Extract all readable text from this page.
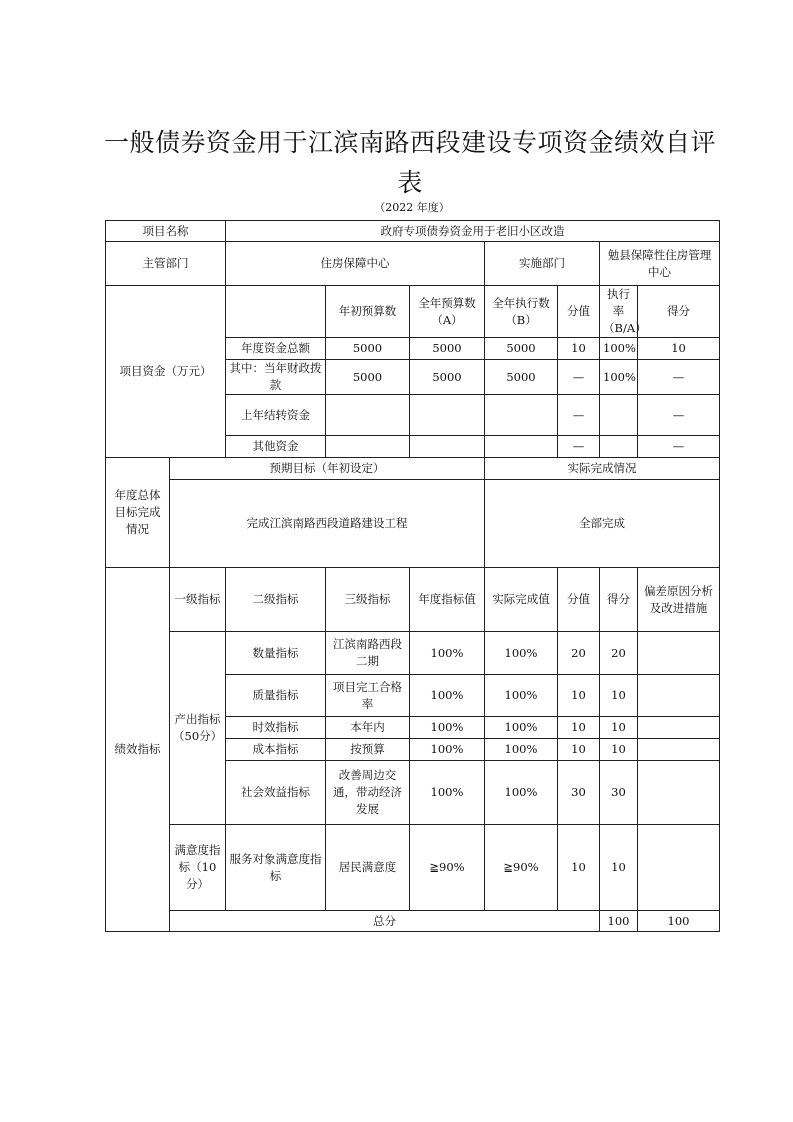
一般债券资金用于江滨南路西段建设专项资金绩效自评表
（2022 年度）
项目名称		政府专项债券资金用于老旧小区改造							
主管部门		住房保障中心			实施部门		勉县保障性住房管理中心		
项目资金（万元）			年初预算数	全年预算数（A）	全年执行数（B）	分值	执行率（B/A）	得分	
		年度资金总额	5000	5000	5000	10	100%	10	
		其中：当年财政拨款	5000	5000	5000	—	100%	—	
		上年结转资金				—		—	
		其他资金				—		—	
年度总体目标完成情况	预期目标（年初设定）				实际完成情况				
	完成江滨南路西段道路建设工程				全部完成				
绩效指标	一级指标	二级指标	三级指标	年度指标值	实际完成值	分值	得分	偏差原因分析及改进措施	
	产出指标（50分）	数量指标	江滨南路西段二期	100%	100%	20	20		
		质量指标	项目完工合格率	100%	100%	10	10		
		时效指标	本年内	100%	100%	10	10		
		成本指标	按预算	100%	100%	10	10		
		社会效益指标	改善周边交通，带动经济发展	100%	100%	30	30		
	满意度指标（10分）	服务对象满意度指标	居民满意度	≧90%	≧90%	10	10		
	总分						100	100	
